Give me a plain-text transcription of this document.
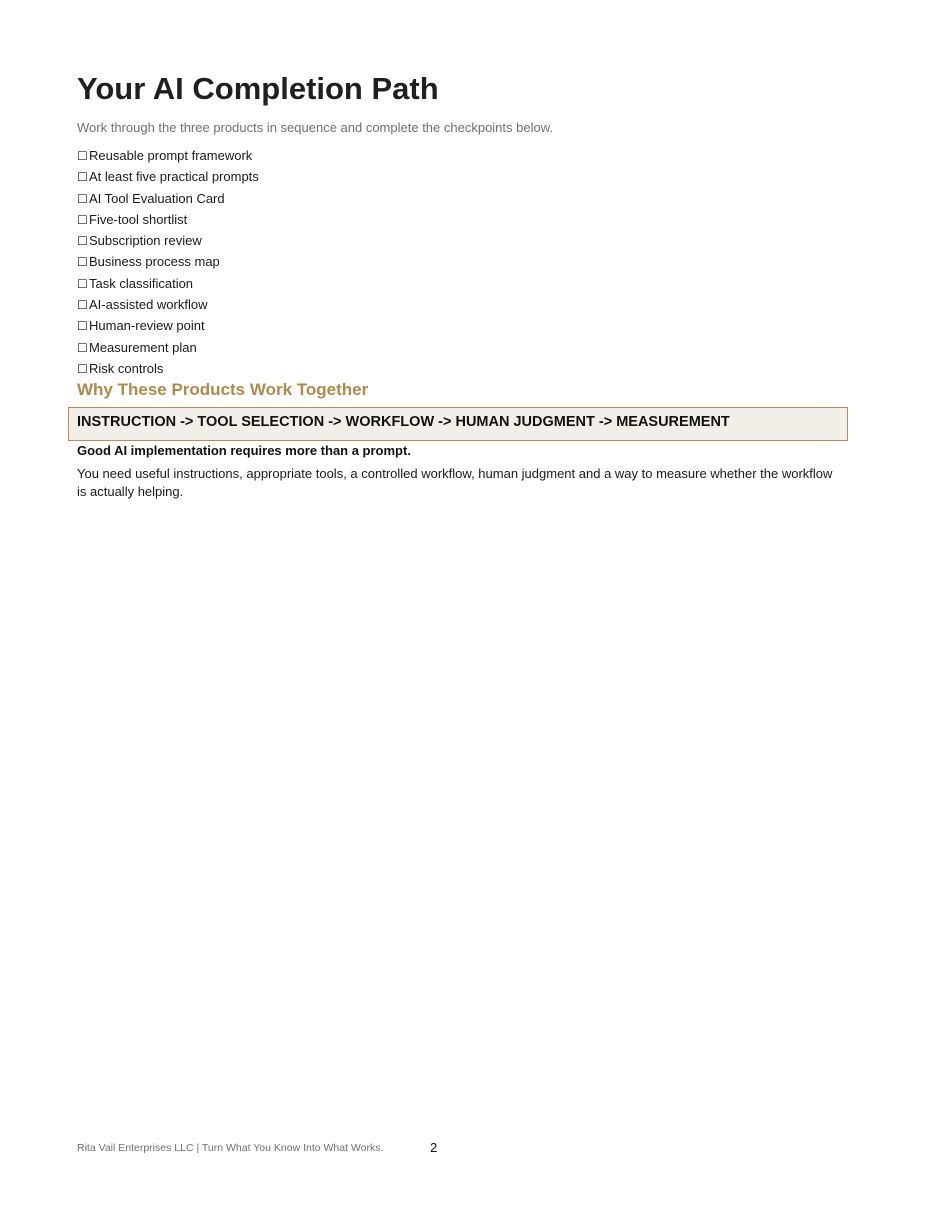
Your AI Completion Path

Work through the three products in sequence and complete the checkpoints below.

☐Reusable prompt framework
☐At least five practical prompts
☐AI Tool Evaluation Card
☐Five-tool shortlist
☐Subscription review
☐Business process map
☐Task classification
☐AI-assisted workflow
☐Human-review point
☐Measurement plan
☐Risk controls
Why These Products Work Together
INSTRUCTION -> TOOL SELECTION -> WORKFLOW -> HUMAN JUDGMENT -> MEASUREMENT

Good AI implementation requires more than a prompt.

You need useful instructions, appropriate tools, a controlled workflow, human judgment and a way to measure whether the workflow is actually helping.

Rita Vail Enterprises LLC | Turn What You Know Into What Works.	2
